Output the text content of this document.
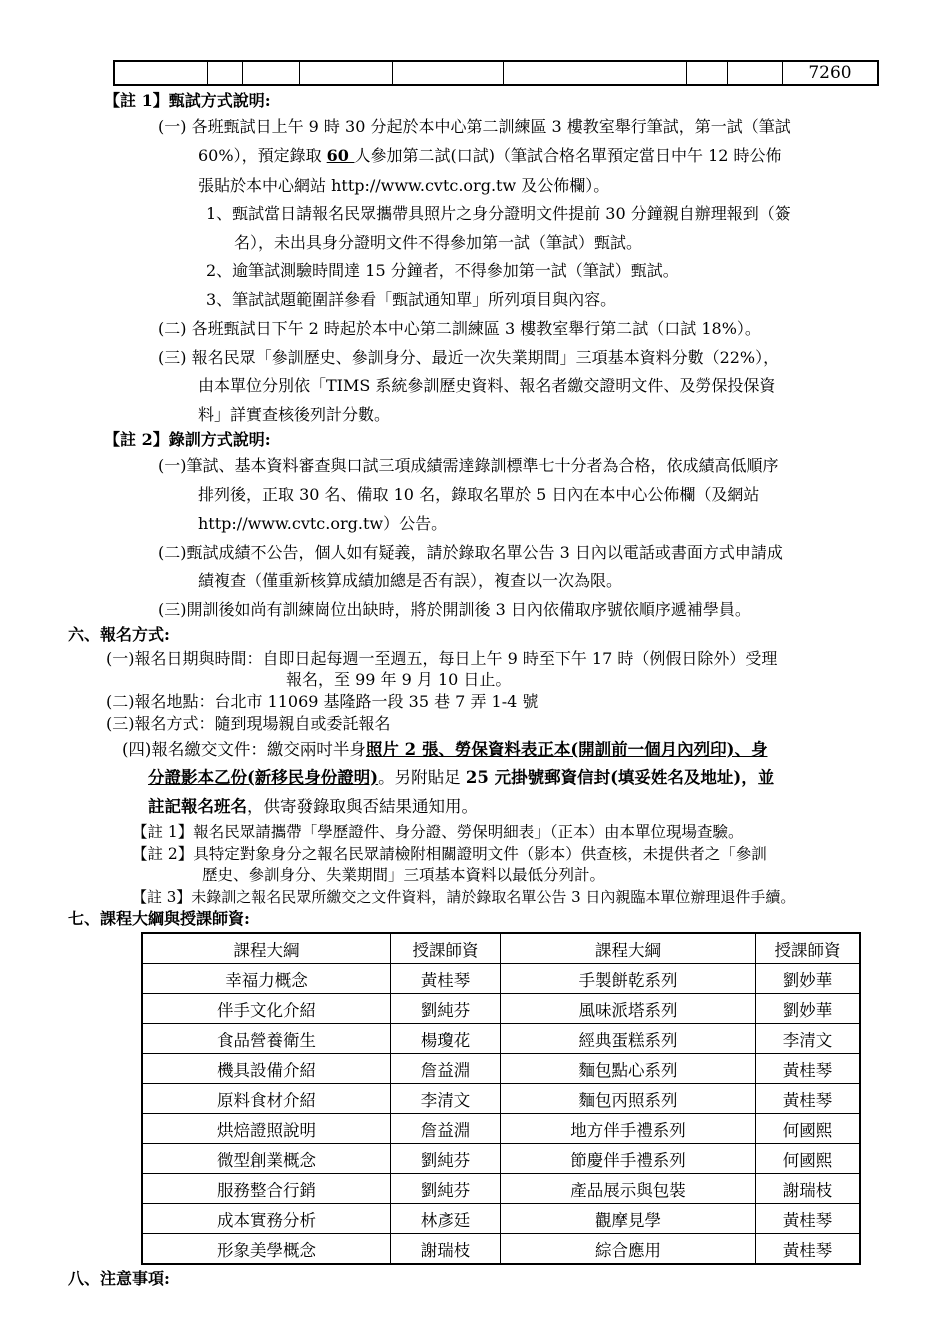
								7260
【註 1】甄試方式說明:
(一) 各班甄試日上午 9 時 30 分起於本中心第二訓練區 3 樓教室舉行筆試，第一試（筆試
60%），預定錄取 60 人參加第二試(口試)（筆試合格名單預定當日中午 12 時公佈
張貼於本中心網站 http://www.cvtc.org.tw 及公佈欄）。
1、甄試當日請報名民眾攜帶具照片之身分證明文件提前 30 分鐘親自辦理報到（簽
名），未出具身分證明文件不得參加第一試（筆試）甄試。
2、逾筆試測驗時間達 15 分鐘者，不得參加第一試（筆試）甄試。
3、筆試試題範圍詳參看「甄試通知單」所列項目與內容。
(二) 各班甄試日下午 2 時起於本中心第二訓練區 3 樓教室舉行第二試（口試 18%）。
(三) 報名民眾「參訓歷史、參訓身分、最近一次失業期間」三項基本資料分數（22%），
由本單位分別依「TIMS 系統參訓歷史資料、報名者繳交證明文件、及勞保投保資
料」詳實查核後列計分數。
【註 2】錄訓方式說明:
(一)筆試、基本資料審查與口試三項成績需達錄訓標準七十分者為合格，依成績高低順序
排列後，正取 30 名、備取 10 名，錄取名單於 5 日內在本中心公佈欄（及網站
http://www.cvtc.org.tw）公告。
(二)甄試成績不公告，個人如有疑義，請於錄取名單公告 3 日內以電話或書面方式申請成
績複查（僅重新核算成績加總是否有誤），複查以一次為限。
(三)開訓後如尚有訓練崗位出缺時，將於開訓後 3 日內依備取序號依順序遞補學員。
六、報名方式:
(一)報名日期與時間：自即日起每週一至週五，每日上午 9 時至下午 17 時（例假日除外）受理
報名，至 99 年 9 月 10 日止。
(二)報名地點：台北市 11069 基隆路一段 35 巷 7 弄 1-4 號
(三)報名方式：隨到現場親自或委託報名
(四)報名繳交文件：繳交兩吋半身照片 2 張、勞保資料表正本(開訓前一個月內列印)、身
分證影本乙份(新移民身份證明)。另附貼足 25 元掛號郵資信封(填妥姓名及地址)，並
註記報名班名，供寄發錄取與否結果通知用。
【註 1】報名民眾請攜帶「學歷證件、身分證、勞保明細表」（正本）由本單位現場查驗。
【註 2】具特定對象身分之報名民眾請檢附相關證明文件（影本）供查核，未提供者之「參訓
歷史、參訓身分、失業期間」三項基本資料以最低分列計。
【註 3】未錄訓之報名民眾所繳交之文件資料，請於錄取名單公告 3 日內親臨本單位辦理退件手續。
七、課程大綱與授課師資:
課程大綱	授課師資	課程大綱	授課師資
幸福力概念	黃桂琴	手製餅乾系列	劉妙華
伴手文化介紹	劉純芬	風味派塔系列	劉妙華
食品營養衛生	楊瓊花	經典蛋糕系列	李清文
機具設備介紹	詹益淵	麵包點心系列	黃桂琴
原料食材介紹	李清文	麵包丙照系列	黃桂琴
烘焙證照說明	詹益淵	地方伴手禮系列	何國熙
微型創業概念	劉純芬	節慶伴手禮系列	何國熙
服務整合行銷	劉純芬	產品展示與包裝	謝瑞枝
成本實務分析	林彥廷	觀摩見學	黃桂琴
形象美學概念	謝瑞枝	綜合應用	黃桂琴
八、注意事項:
